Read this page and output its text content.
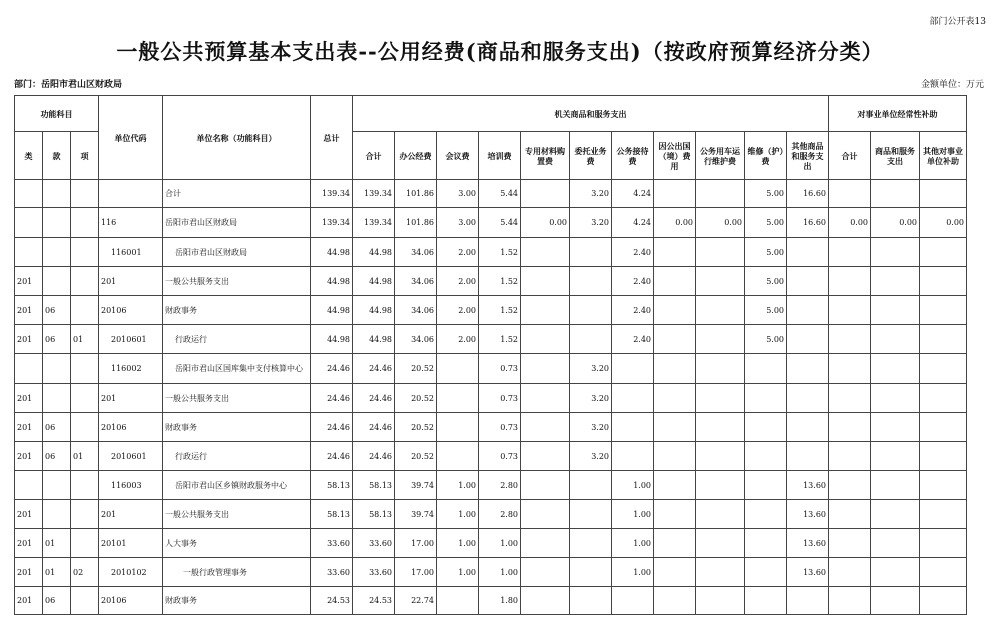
部门公开表13
一般公共预算基本支出表--公用经费(商品和服务支出)（按政府预算经济分类）
部门：岳阳市君山区财政局	金额单位：万元
功能科目			单位代码	单位名称（功能科目）	总计	机关商品和服务支出											对事业单位经常性补助		
类	款	项				合计	办公经费	会议费	培训费	专用材料购置费	委托业务费	公务接待费	因公出国（境）费用	公务用车运行维护费	维修（护）费	其他商品和服务支出	合计	商品和服务支出	其他对事业单位补助
				合计	139.34	139.34	101.86	3.00	5.44		3.20	4.24			5.00	16.60			
			116	岳阳市君山区财政局	139.34	139.34	101.86	3.00	5.44	0.00	3.20	4.24	0.00	0.00	5.00	16.60	0.00	0.00	0.00
			116001	岳阳市君山区财政局	44.98	44.98	34.06	2.00	1.52			2.40			5.00				
201			201	一般公共服务支出	44.98	44.98	34.06	2.00	1.52			2.40			5.00				
201	06		20106	财政事务	44.98	44.98	34.06	2.00	1.52			2.40			5.00				
201	06	01	2010601	行政运行	44.98	44.98	34.06	2.00	1.52			2.40			5.00				
			116002	岳阳市君山区国库集中支付核算中心	24.46	24.46	20.52		0.73		3.20								
201			201	一般公共服务支出	24.46	24.46	20.52		0.73		3.20								
201	06		20106	财政事务	24.46	24.46	20.52		0.73		3.20								
201	06	01	2010601	行政运行	24.46	24.46	20.52		0.73		3.20								
			116003	岳阳市君山区乡镇财政服务中心	58.13	58.13	39.74	1.00	2.80			1.00				13.60			
201			201	一般公共服务支出	58.13	58.13	39.74	1.00	2.80			1.00				13.60			
201	01		20101	人大事务	33.60	33.60	17.00	1.00	1.00			1.00				13.60			
201	01	02	2010102	一般行政管理事务	33.60	33.60	17.00	1.00	1.00			1.00				13.60			
201	06		20106	财政事务	24.53	24.53	22.74		1.80										
